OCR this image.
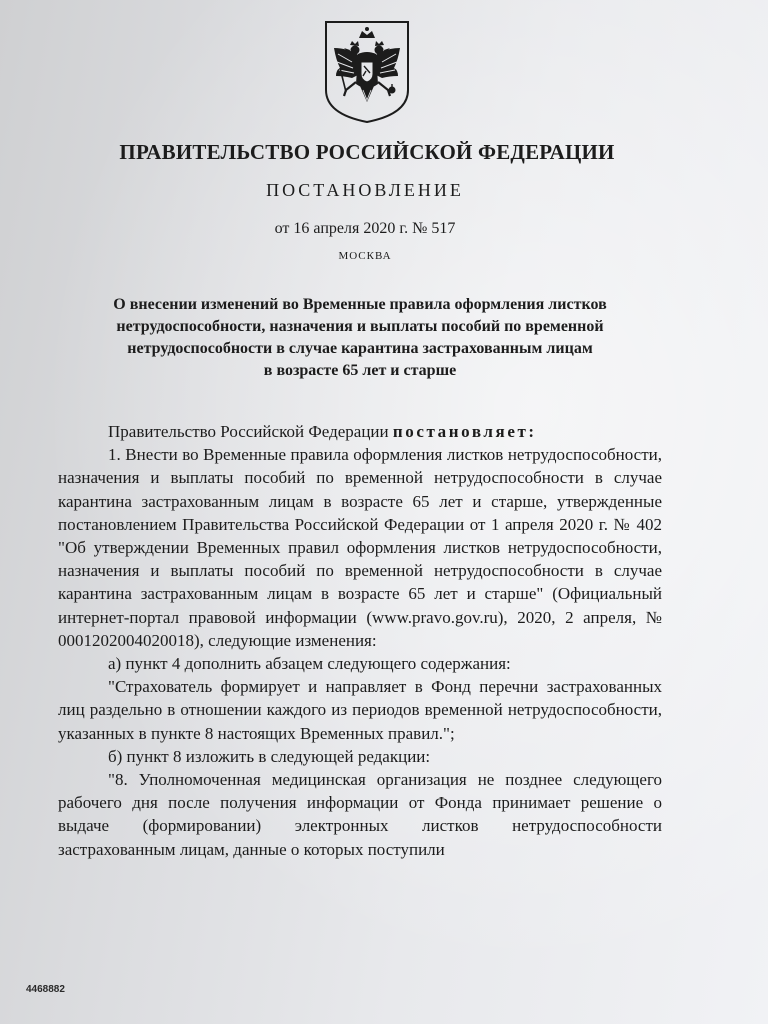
ПРАВИТЕЛЬСТВО РОССИЙСКОЙ ФЕДЕРАЦИИ
ПОСТАНОВЛЕНИЕ
от 16 апреля 2020 г. № 517
МОСКВА
О внесении изменений во Временные правила оформления листков
нетрудоспособности, назначения и выплаты пособий по временной
нетрудоспособности в случае карантина застрахованным лицам
в возрасте 65 лет и старше

Правительство Российской Федерации постановляет:

1. Внести во Временные правила оформления листков нетрудоспособности, назначения и выплаты пособий по временной нетрудоспособности в случае карантина застрахованным лицам в возрасте 65 лет и старше, утвержденные постановлением Правительства Российской Федерации от 1 апреля 2020 г. № 402 "Об утверждении Временных правил оформления листков нетрудоспособности, назначения и выплаты пособий по временной нетрудоспособности в случае карантина застрахованным лицам в возрасте 65 лет и старше" (Официальный интернет-портал правовой информации (www.pravo.gov.ru), 2020, 2 апреля, № 0001202004020018), следующие изменения:

а) пункт 4 дополнить абзацем следующего содержания:

"Страхователь формирует и направляет в Фонд перечни застрахованных лиц раздельно в отношении каждого из периодов временной нетрудоспособности, указанных в пункте 8 настоящих Временных правил.";

б) пункт 8 изложить в следующей редакции:

"8. Уполномоченная медицинская организация не позднее следующего рабочего дня после получения информации от Фонда принимает решение о выдаче (формировании) электронных листков нетрудоспособности застрахованным лицам, данные о которых поступили

4468882
